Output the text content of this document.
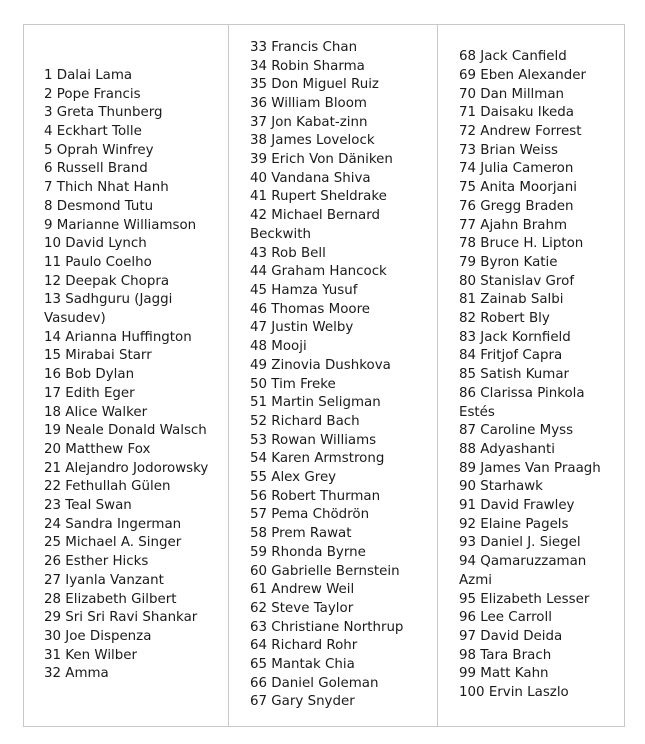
1 Dalai Lama
2 Pope Francis
3 Greta Thunberg
4 Eckhart Tolle
5 Oprah Winfrey
6 Russell Brand
7 Thich Nhat Hanh
8 Desmond Tutu
9 Marianne Williamson
10 David Lynch
11 Paulo Coelho
12 Deepak Chopra
13 Sadhguru (Jaggi Vasudev)
14 Arianna Huffington
15 Mirabai Starr
16 Bob Dylan
17 Edith Eger
18 Alice Walker
19 Neale Donald Walsch
20 Matthew Fox
21 Alejandro Jodorowsky
22 Fethullah Gülen
23 Teal Swan
24 Sandra Ingerman
25 Michael A. Singer
26 Esther Hicks
27 Iyanla Vanzant
28 Elizabeth Gilbert
29 Sri Sri Ravi Shankar
30 Joe Dispenza
31 Ken Wilber
32 Amma
33 Francis Chan
34 Robin Sharma
35 Don Miguel Ruiz
36 William Bloom
37 Jon Kabat-zinn
38 James Lovelock
39 Erich Von Däniken
40 Vandana Shiva
41 Rupert Sheldrake
42 Michael Bernard Beckwith
43 Rob Bell
44 Graham Hancock
45 Hamza Yusuf
46 Thomas Moore
47 Justin Welby
48 Mooji
49 Zinovia Dushkova
50 Tim Freke
51 Martin Seligman
52 Richard Bach
53 Rowan Williams
54 Karen Armstrong
55 Alex Grey
56 Robert Thurman
57 Pema Chödrön
58 Prem Rawat
59 Rhonda Byrne
60 Gabrielle Bernstein
61 Andrew Weil
62 Steve Taylor
63 Christiane Northrup
64 Richard Rohr
65 Mantak Chia
66 Daniel Goleman
67 Gary Snyder
68 Jack Canfield
69 Eben Alexander
70 Dan Millman
71 Daisaku Ikeda
72 Andrew Forrest
73 Brian Weiss
74 Julia Cameron
75 Anita Moorjani
76 Gregg Braden
77 Ajahn Brahm
78 Bruce H. Lipton
79 Byron Katie
80 Stanislav Grof
81 Zainab Salbi
82 Robert Bly
83 Jack Kornfield
84 Fritjof Capra
85 Satish Kumar
86 Clarissa Pinkola Estés
87 Caroline Myss
88 Adyashanti
89 James Van Praagh
90 Starhawk
91 David Frawley
92 Elaine Pagels
93 Daniel J. Siegel
94 Qamaruzzaman Azmi
95 Elizabeth Lesser
96 Lee Carroll
97 David Deida
98 Tara Brach
99 Matt Kahn
100 Ervin Laszlo
